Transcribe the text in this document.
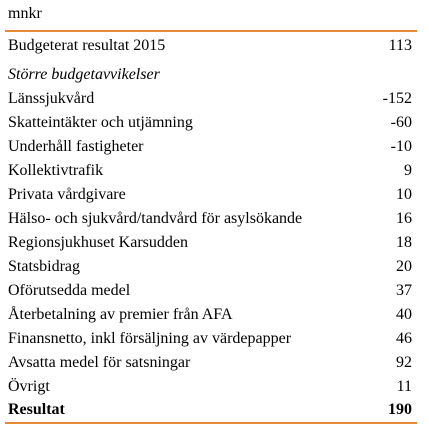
mnkr
Budgeterat resultat 2015	113
Större budgetavvikelser
Länssjukvård	-152
Skatteintäkter och utjämning	-60
Underhåll fastigheter	-10
Kollektivtrafik	9
Privata vårdgivare	10
Hälso- och sjukvård/tandvård för asylsökande	16
Regionsjukhuset Karsudden	18
Statsbidrag	20
Oförutsedda medel	37
Återbetalning av premier från AFA	40
Finansnetto, inkl försäljning av värdepapper	46
Avsatta medel för satsningar	92
Övrigt	11
Resultat	190
